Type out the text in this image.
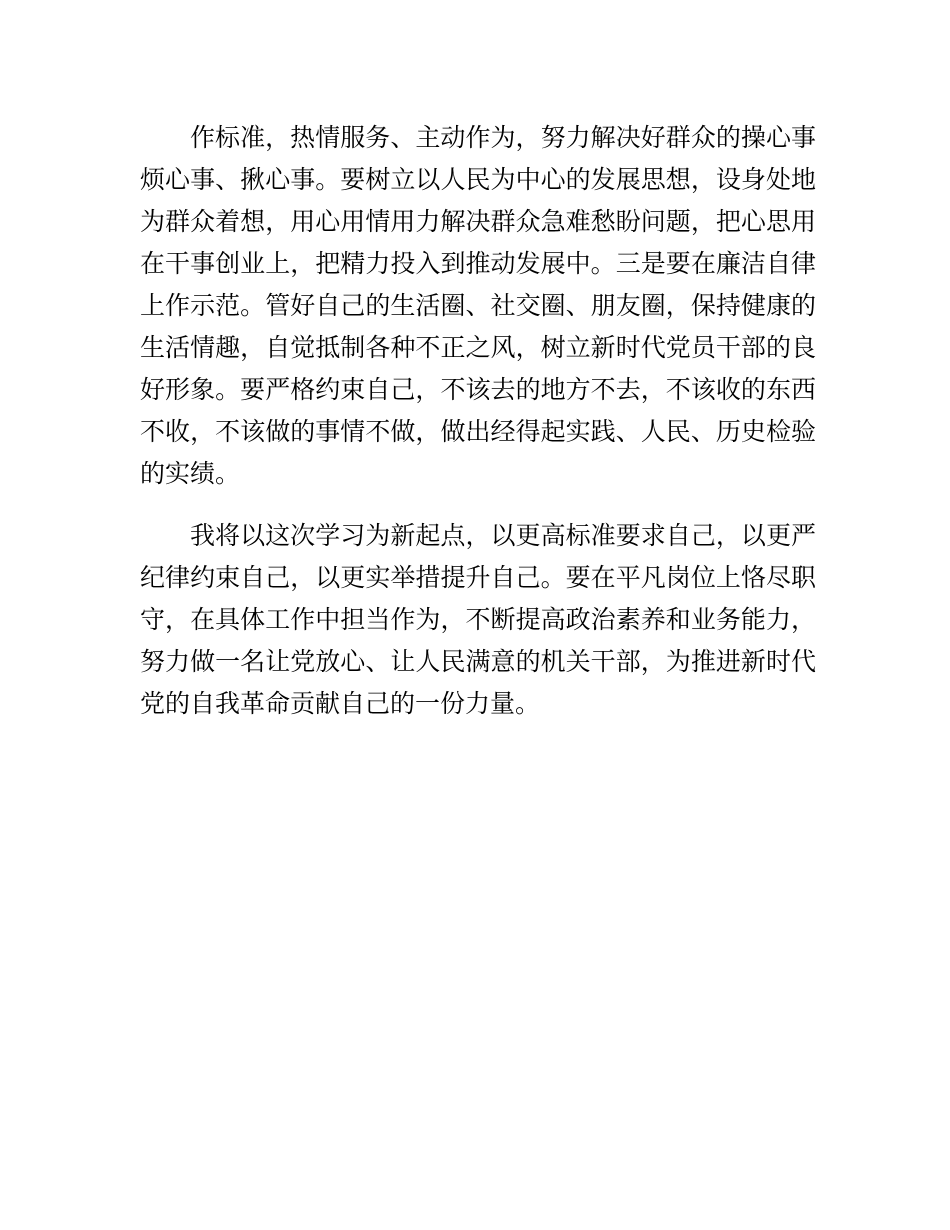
作标准，热情服务、主动作为，努力解决好群众的操心事烦心事、揪心事。要树立以人民为中心的发展思想，设身处地为群众着想，用心用情用力解决群众急难愁盼问题，把心思用在干事创业上，把精力投入到推动发展中。三是要在廉洁自律上作示范。管好自己的生活圈、社交圈、朋友圈，保持健康的生活情趣，自觉抵制各种不正之风，树立新时代党员干部的良好形象。要严格约束自己，不该去的地方不去，不该收的东西不收，不该做的事情不做，做出经得起实践、人民、历史检验的实绩。

我将以这次学习为新起点，以更高标准要求自己，以更严纪律约束自己，以更实举措提升自己。要在平凡岗位上恪尽职守，在具体工作中担当作为，不断提高政治素养和业务能力，努力做一名让党放心、让人民满意的机关干部，为推进新时代党的自我革命贡献自己的一份力量。
